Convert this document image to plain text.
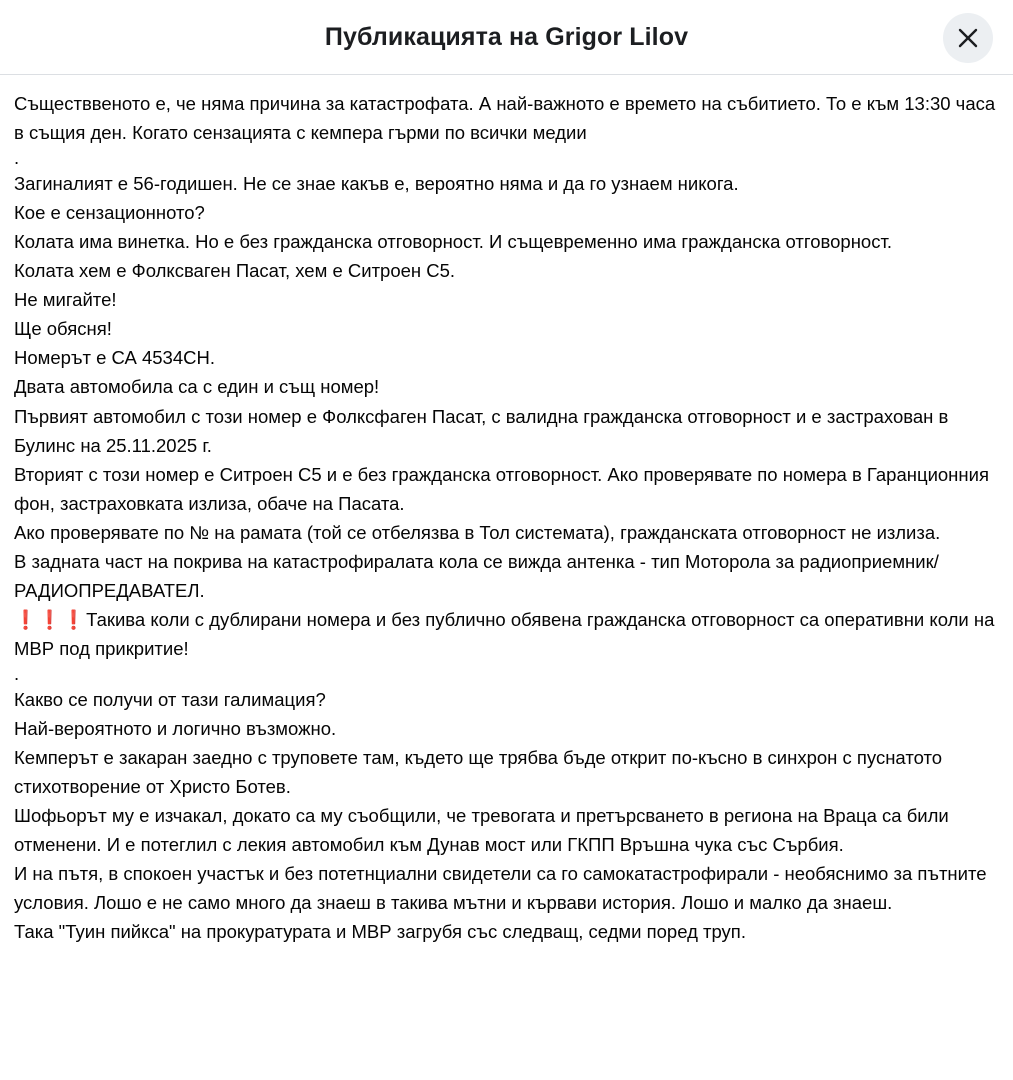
Публикацията на Grigor Lilov

Съществвеното е, че няма причина за катастрофата. А най-важното е времето на събитието. То е към 13:30 часа в същия ден. Когато сензацията с кемпера гърми по всички медии

.

Загиналият е 56-годишен. Не се знае какъв е, вероятно няма и да го узнаем никога.

Кое е сензационното?

Колата има винетка. Но е без гражданска отговорност. И същевременно има гражданска отговорност.

Колата хем е Фолксваген Пасат, хем е Ситроен С5.

Не мигайте!

Ще обясня!

Номерът е СА 4534СН.

Двата автомобила са с един и същ номер!

Първият автомобил с този номер е Фолксфаген Пасат, с валидна гражданска отговорност и е застрахован в Булинс на 25.11.2025 г.

Вторият с този номер е Ситроен С5 и е без гражданска отговорност. Ако проверявате по номера в Гаранционния фон, застраховката излиза, обаче на Пасата.

Ако проверявате по № на рамата (той се отбелязва в Тол системата), гражданската отговорност не излиза.

В задната част на покрива на катастрофиралата кола се вижда антенка - тип Моторола за радиоприемник/РАДИОПРЕДАВАТЕЛ.

❗❗❗Такива коли с дублирани номера и без публично обявена гражданска отговорност са оперативни коли на МВР под прикритие!

.

Какво се получи от тази галимация?

Най-вероятното и логично възможно.

Кемперът е закаран заедно с труповете там, където ще трябва бъде открит по-късно в синхрон с пуснатото стихотворение от Христо Ботев.

Шофьорът му е изчакал, докато са му съобщили, че тревогата и претърсването в региона на Враца са били отменени. И е потеглил с лекия автомобил към Дунав мост или ГКПП Връшна чука със Сърбия.

И на пътя, в спокоен участък и без потетнциални свидетели са го самокатастрофирали - необяснимо за пътните условия. Лошо е не само много да знаеш в такива мътни и кървави история. Лошо и малко да знаеш.

Така "Туин пийкса" на прокуратурата и МВР загрубя със следващ, седми поред труп.
